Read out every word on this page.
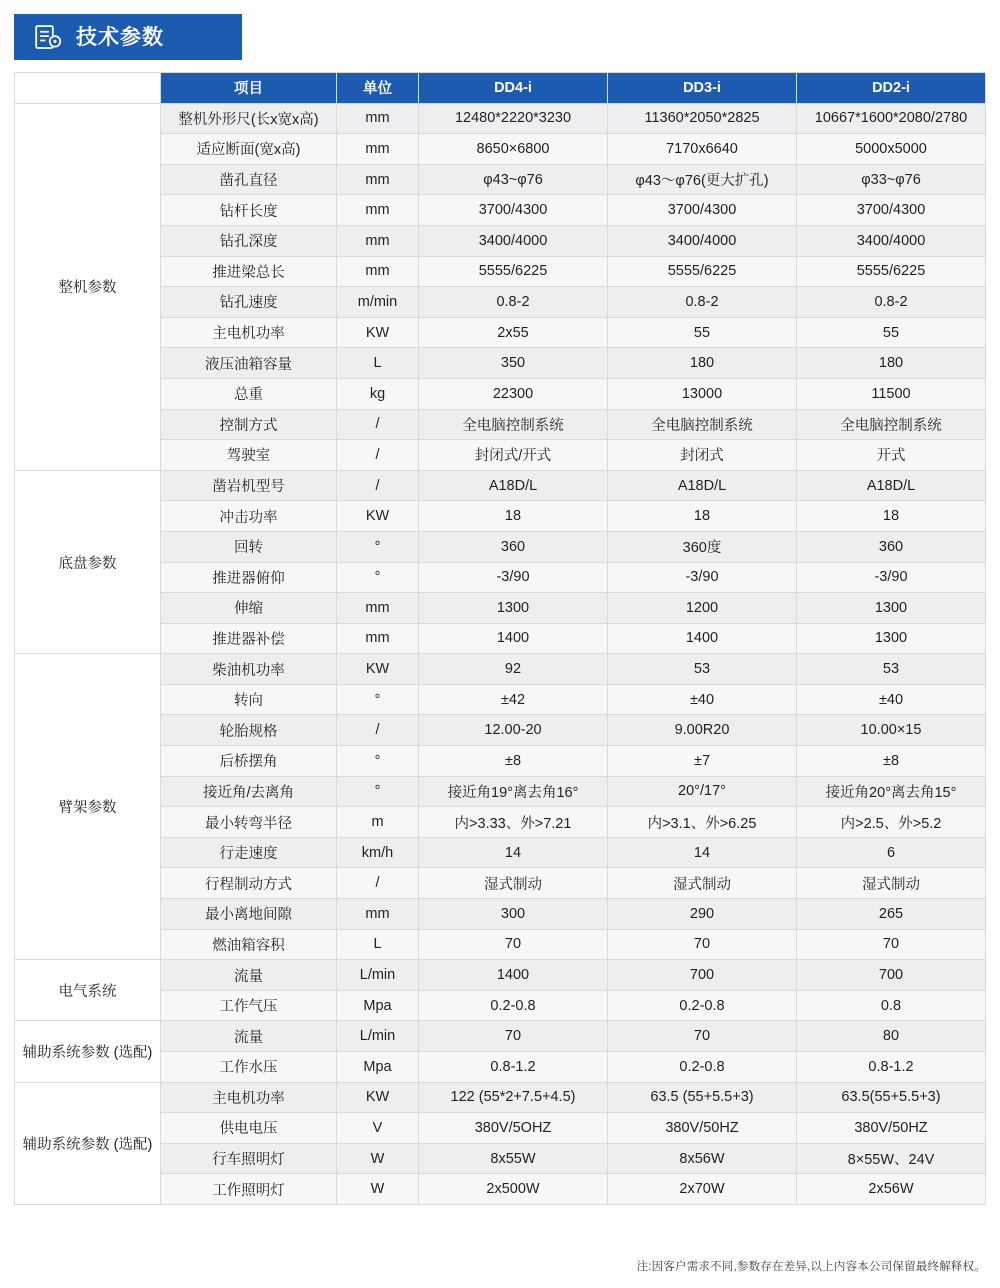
技术参数
	项目	单位	DD4-i	DD3-i	DD2-i
整机参数	整机外形尺(长x宽x高)	mm	12480*2220*3230	11360*2050*2825	10667*1600*2080/2780
	适应断面(宽x高)	mm	8650×6800	7170x6640	5000x5000
	凿孔直径	mm	φ43~φ76	φ43～φ76(更大扩孔)	φ33~φ76
	钻杆长度	mm	3700/4300	3700/4300	3700/4300
	钻孔深度	mm	3400/4000	3400/4000	3400/4000
	推进梁总长	mm	5555/6225	5555/6225	5555/6225
	钻孔速度	m/min	0.8-2	0.8-2	0.8-2
	主电机功率	KW	2x55	55	55
	液压油箱容量	L	350	180	180
	总重	kg	22300	13000	11500
	控制方式	/	全电脑控制系统	全电脑控制系统	全电脑控制系统
	驾驶室	/	封闭式/开式	封闭式	开式
底盘参数	凿岩机型号	/	A18D/L	A18D/L	A18D/L
	冲击功率	KW	18	18	18
	回转	°	360	360度	360
	推进器俯仰	°	-3/90	-3/90	-3/90
	伸缩	mm	1300	1200	1300
	推进器补偿	mm	1400	1400	1300
臂架参数	柴油机功率	KW	92	53	53
	转向	°	±42	±40	±40
	轮胎规格	/	12.00-20	9.00R20	10.00×15
	后桥摆角	°	±8	±7	±8
	接近角/去离角	°	接近角19°离去角16°	20°/17°	接近角20°离去角15°
	最小转弯半径	m	内>3.33、外>7.21	内>3.1、外>6.25	内>2.5、外>5.2
	行走速度	km/h	14	14	6
	行程制动方式	/	湿式制动	湿式制动	湿式制动
	最小离地间隙	mm	300	290	265
	燃油箱容积	L	70	70	70
电气系统	流量	L/min	1400	700	700
	工作气压	Mpa	0.2-0.8	0.2-0.8	0.8
辅助系统参数 (选配)	流量	L/min	70	70	80
	工作水压	Mpa	0.8-1.2	0.2-0.8	0.8-1.2
辅助系统参数 (选配)	主电机功率	KW	122 (55*2+7.5+4.5)	63.5 (55+5.5+3)	63.5(55+5.5+3)
	供电电压	V	380V/5OHZ	380V/50HZ	380V/50HZ
	行车照明灯	W	8x55W	8x56W	8×55W、24V
	工作照明灯	W	2x500W	2x70W	2x56W
注:因客户需求不同,参数存在差异,以上内容本公司保留最终解释权。
